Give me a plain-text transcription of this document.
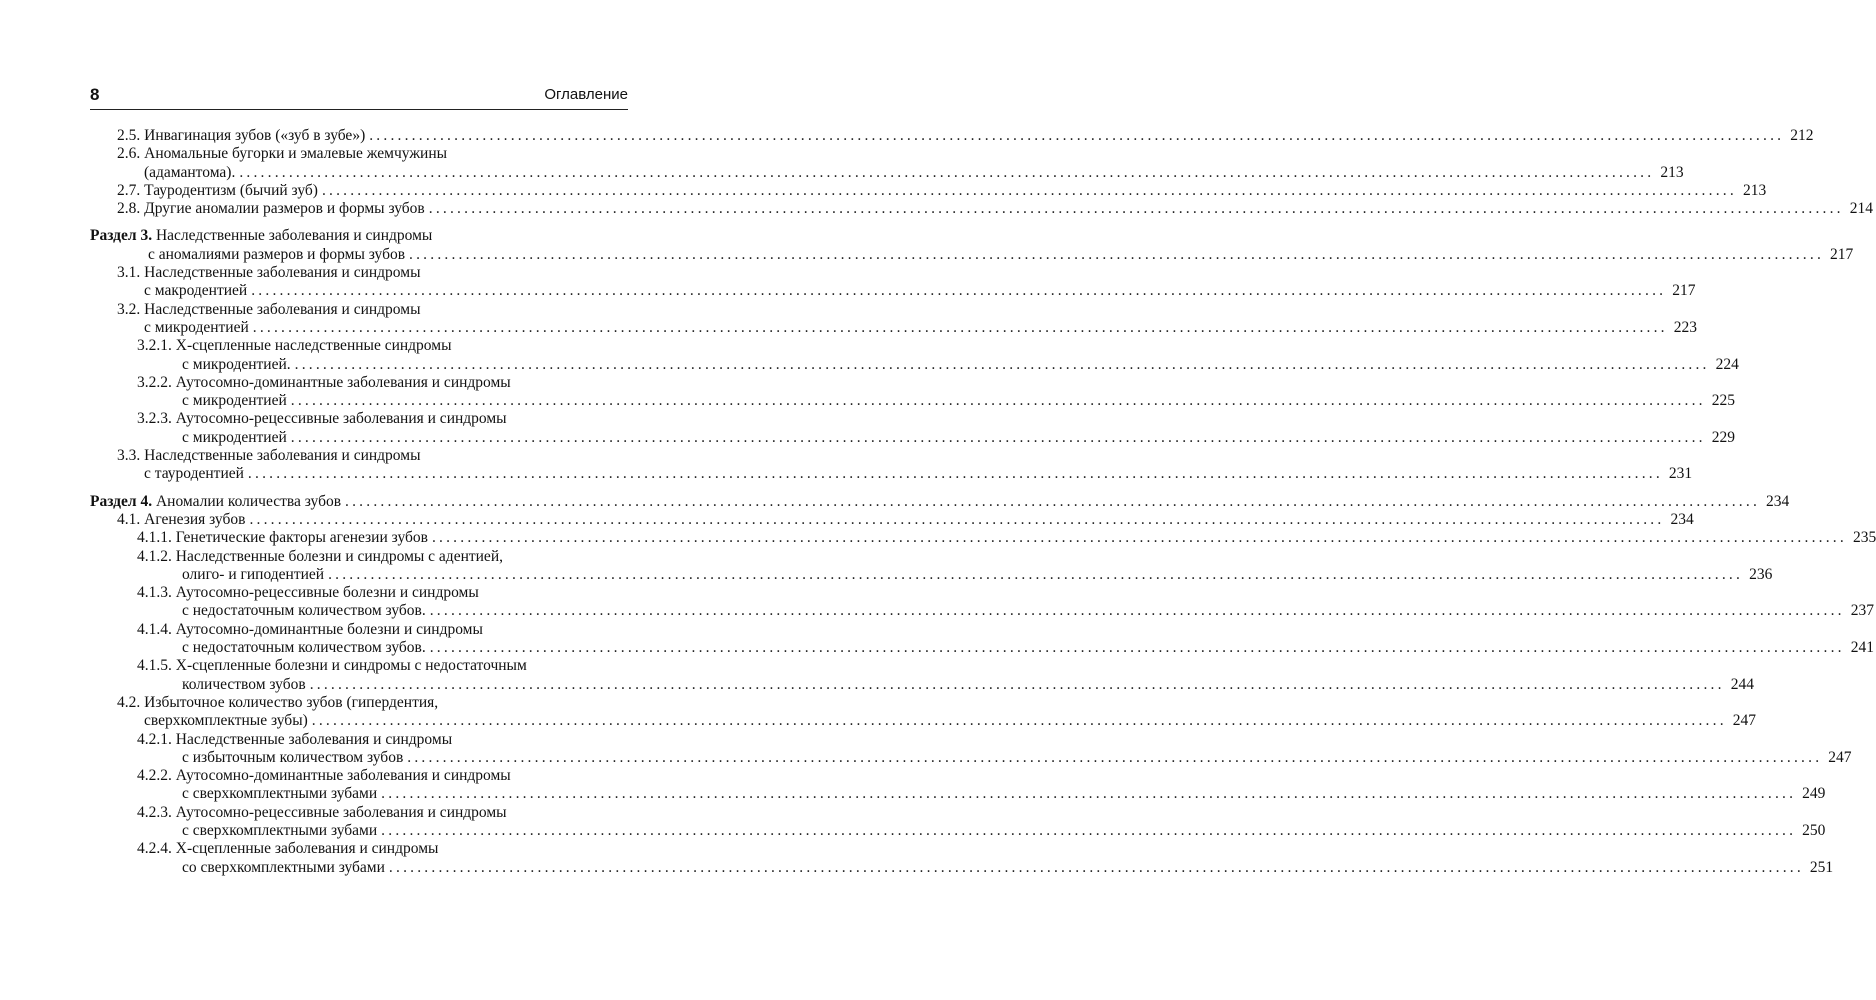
8	Оглавление
2.5. Инвагинация зубов («зуб в зубе») ........................................................................................................................................................................................................ 212
2.6. Аномальные бугорки и эмалевые жемчужины
(адамантома). ........................................................................................................................................................................................................ 213
2.7. Тауродентизм (бычий зуб) ........................................................................................................................................................................................................ 213
2.8. Другие аномалии размеров и формы зубов ........................................................................................................................................................................................................ 214
Раздел 3. Наследственные заболевания и синдромы
с аномалиями размеров и формы зубов ........................................................................................................................................................................................................ 217
3.1. Наследственные заболевания и синдромы
с макродентией ........................................................................................................................................................................................................ 217
3.2. Наследственные заболевания и синдромы
с микродентией ........................................................................................................................................................................................................ 223
3.2.1. Х-сцепленные наследственные синдромы
с микродентией. ........................................................................................................................................................................................................ 224
3.2.2. Аутосомно-доминантные заболевания и синдромы
с микродентией ........................................................................................................................................................................................................ 225
3.2.3. Аутосомно-рецессивные заболевания и синдромы
с микродентией ........................................................................................................................................................................................................ 229
3.3. Наследственные заболевания и синдромы
с тауродентией ........................................................................................................................................................................................................ 231
Раздел 4. Аномалии количества зубов ........................................................................................................................................................................................................ 234
4.1. Агенезия зубов ........................................................................................................................................................................................................ 234
4.1.1. Генетические факторы агенезии зубов ........................................................................................................................................................................................................ 235
4.1.2. Наследственные болезни и синдромы с адентией,
олиго- и гиподентией ........................................................................................................................................................................................................ 236
4.1.3. Аутосомно-рецессивные болезни и синдромы
с недостаточным количеством зубов. ........................................................................................................................................................................................................ 237
4.1.4. Аутосомно-доминантные болезни и синдромы
с недостаточным количеством зубов. ........................................................................................................................................................................................................ 241
4.1.5. Х-сцепленные болезни и синдромы с недостаточным
количеством зубов ........................................................................................................................................................................................................ 244
4.2. Избыточное количество зубов (гипердентия,
сверхкомплектные зубы) ........................................................................................................................................................................................................ 247
4.2.1. Наследственные заболевания и синдромы
с избыточным количеством зубов ........................................................................................................................................................................................................ 247
4.2.2. Аутосомно-доминантные заболевания и синдромы
с сверхкомплектными зубами ........................................................................................................................................................................................................ 249
4.2.3. Аутосомно-рецессивные заболевания и синдромы
с сверхкомплектными зубами ........................................................................................................................................................................................................ 250
4.2.4. Х-сцепленные заболевания и синдромы
со сверхкомплектными зубами ........................................................................................................................................................................................................ 251
